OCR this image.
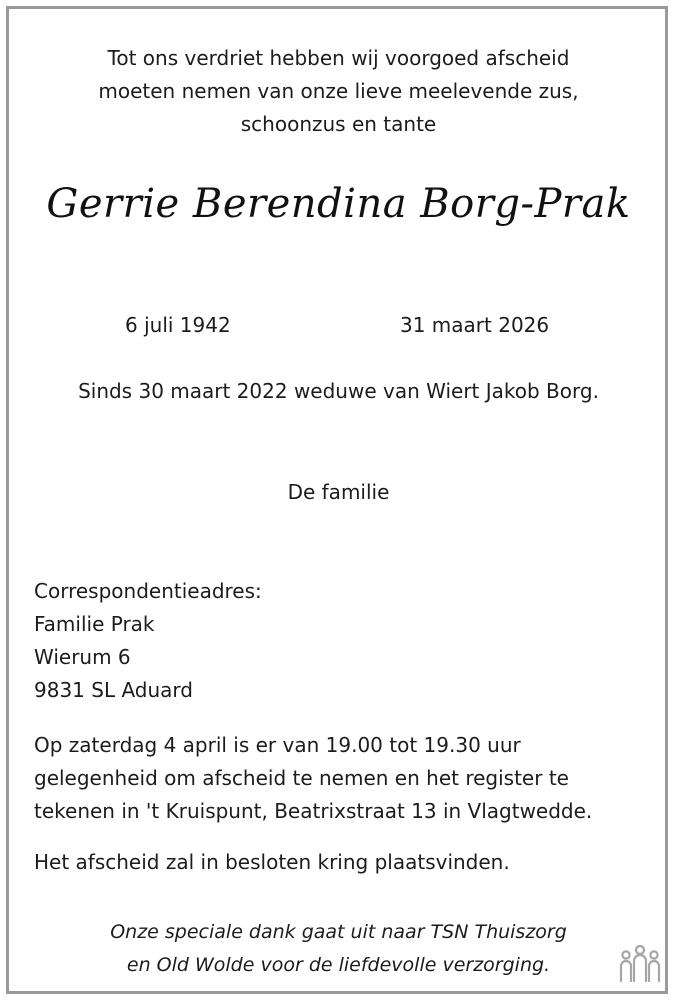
Tot ons verdriet hebben wij voorgoed afscheid
moeten nemen van onze lieve meelevende zus,
schoonzus en tante
Gerrie Berendina Borg-Prak
6 juli 1942	31 maart 2026
Sinds 30 maart 2022 weduwe van Wiert Jakob Borg.
De familie
Correspondentieadres:
Familie Prak
Wierum 6
9831 SL Aduard
Op zaterdag 4 april is er van 19.00 tot 19.30 uur
gelegenheid om afscheid te nemen en het register te
tekenen in 't Kruispunt, Beatrixstraat 13 in Vlagtwedde.
Het afscheid zal in besloten kring plaatsvinden.
Onze speciale dank gaat uit naar TSN Thuiszorg
en Old Wolde voor de liefdevolle verzorging.
